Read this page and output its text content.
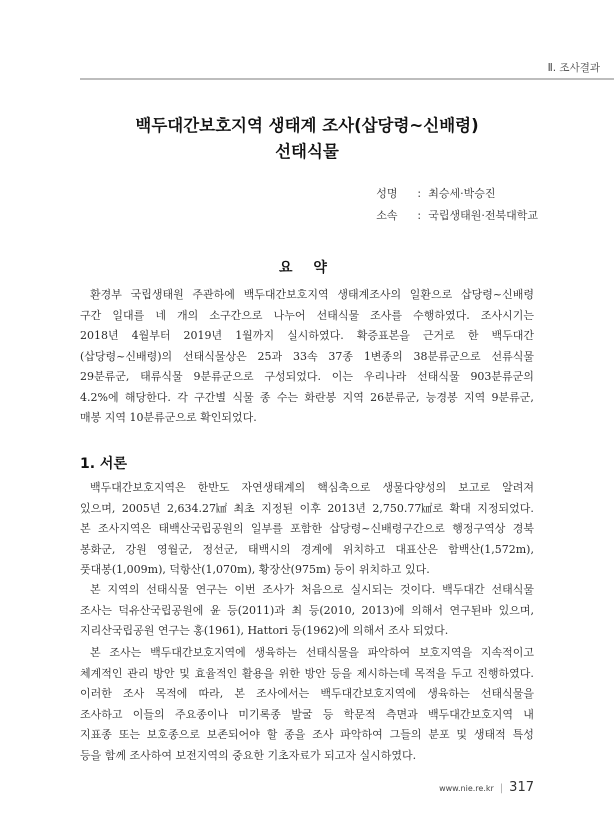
Ⅱ. 조사결과
백두대간보호지역 생태계 조사(삽당령~신배령)
선태식물
성명	: 최승세·박승진
소속	: 국립생태원·전북대학교
요 약
환경부 국립생태원 주관하에 백두대간보호지역 생태계조사의 일환으로 삽당령~신배령
구간 일대를 네 개의 소구간으로 나누어 선태식물 조사를 수행하였다. 조사시기는
2018년 4월부터 2019년 1월까지 실시하였다. 확증표본을 근거로 한 백두대간
(삽당령~신배령)의 선태식물상은 25과 33속 37종 1변종의 38분류군으로 선류식물
29분류군, 태류식물 9분류군으로 구성되었다. 이는 우리나라 선태식물 903분류군의
4.2%에 해당한다. 각 구간별 식물 종 수는 화란봉 지역 26분류군, 능경봉 지역 9분류군,
매봉 지역 10분류군으로 확인되었다.
1. 서론
백두대간보호지역은 한반도 자연생태계의 핵심축으로 생물다양성의 보고로 알려져
있으며, 2005년 2,634.27㎢ 최초 지정된 이후 2013년 2,750.77㎢로 확대 지정되었다.
본 조사지역은 태백산국립공원의 일부를 포함한 삽당령~신배령구간으로 행정구역상 경북
봉화군, 강원 영월군, 정선군, 태백시의 경계에 위치하고 대표산은 함백산(1,572m),
풋대봉(1,009m), 덕항산(1,070m), 황장산(975m) 등이 위치하고 있다.
본 지역의 선태식물 연구는 이번 조사가 처음으로 실시되는 것이다. 백두대간 선태식물
조사는 덕유산국립공원에 윤 등(2011)과 최 등(2010, 2013)에 의해서 연구된바 있으며,
지리산국립공원 연구는 홍(1961), Hattori 등(1962)에 의해서 조사 되었다.
본 조사는 백두대간보호지역에 생육하는 선태식물을 파악하여 보호지역을 지속적이고
체계적인 관리 방안 및 효율적인 활용을 위한 방안 등을 제시하는데 목적을 두고 진행하였다.
이러한 조사 목적에 따라, 본 조사에서는 백두대간보호지역에 생육하는 선태식물을
조사하고 이들의 주요종이나 미기록종 발굴 등 학문적 측면과 백두대간보호지역 내
지표종 또는 보호종으로 보존되어야 할 종을 조사 파악하여 그들의 분포 및 생태적 특성
등을 함께 조사하여 보전지역의 중요한 기초자료가 되고자 실시하였다.
www.nie.re.kr | 317
